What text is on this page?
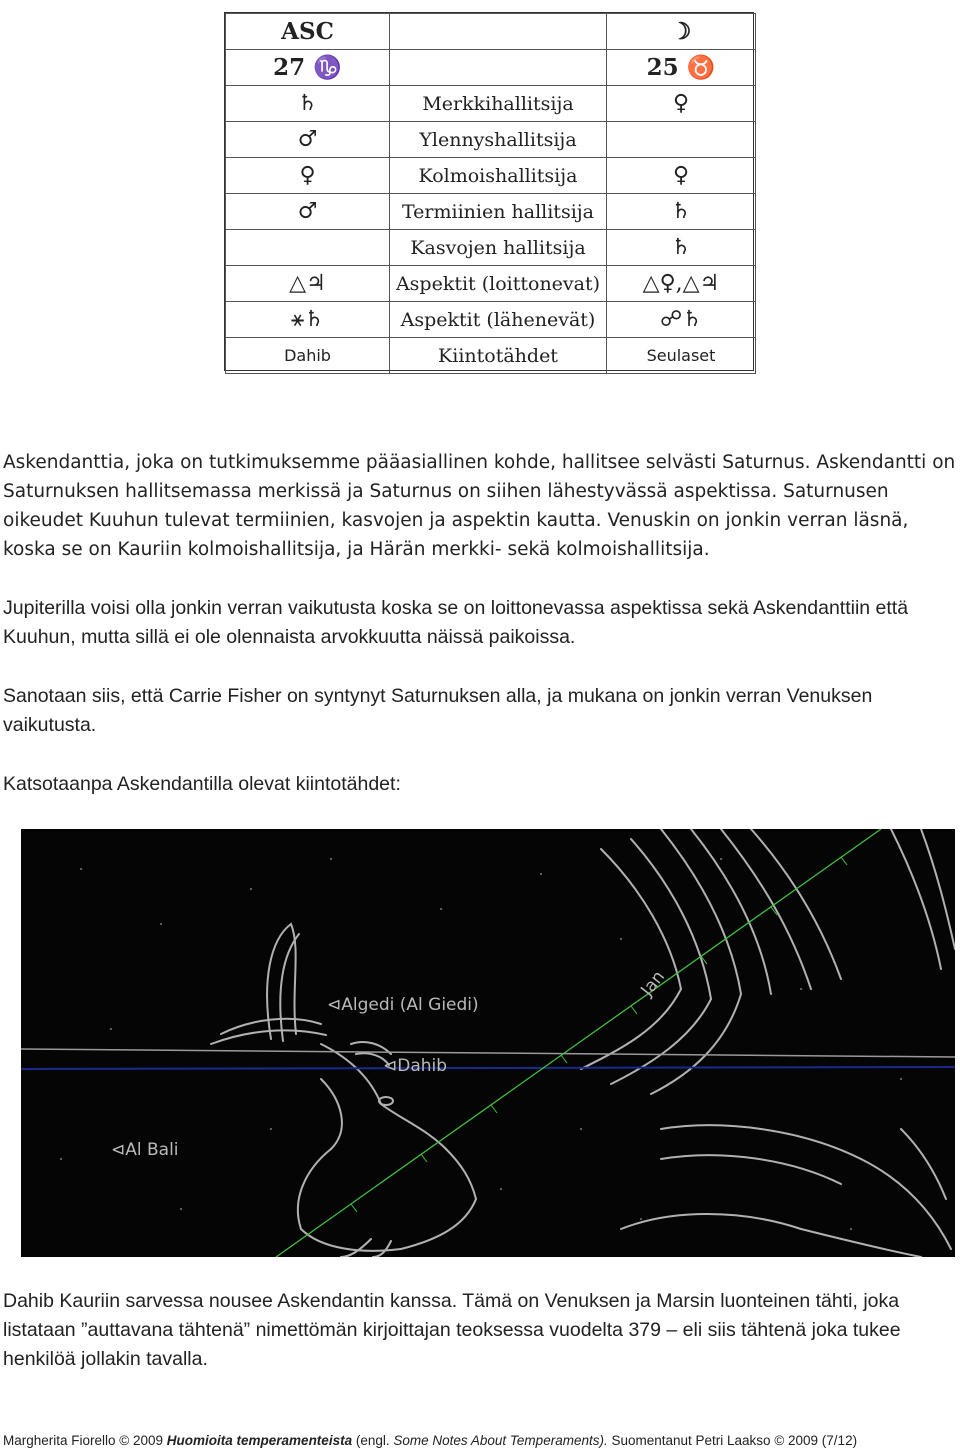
ASC		☽
27 ♑		25 ♉
♄	Merkkihallitsija	♀
♂	Ylennyshallitsija	
♀	Kolmoishallitsija	♀
♂	Termiinien hallitsija	♄
	Kasvojen hallitsija	♄
△♃	Aspektit (loittonevat)	△♀,△♃
⚹♄	Aspektit (lähenevät)	☍♄
Dahib	Kiintotähdet	Seulaset

Askendanttia, joka on tutkimuksemme pääasiallinen kohde, hallitsee selvästi Saturnus. Askendantti on Saturnuksen hallitsemassa merkissä ja Saturnus on siihen lähestyvässä aspektissa. Saturnusen oikeudet Kuuhun tulevat termiinien, kasvojen ja aspektin kautta. Venuskin on jonkin verran läsnä, koska se on Kauriin kolmoishallitsija, ja Härän merkki- sekä kolmoishallitsija.

Jupiterilla voisi olla jonkin verran vaikutusta koska se on loittonevassa aspektissa sekä Askendanttiin että Kuuhun, mutta sillä ei ole olennaista arvokkuutta näissä paikoissa.

Sanotaan siis, että Carrie Fisher on syntynyt Saturnuksen alla, ja mukana on jonkin verran Venuksen vaikutusta.

Katsotaanpa Askendantilla olevat kiintotähdet:

⊲Algedi (Al Giedi)
⊲Dahib
⊲Al Bali
Jan

Dahib Kauriin sarvessa nousee Askendantin kanssa. Tämä on Venuksen ja Marsin luonteinen tähti, joka listataan ”auttavana tähtenä” nimettömän kirjoittajan teoksessa vuodelta 379 – eli siis tähtenä joka tukee henkilöä jollakin tavalla.

Margherita Fiorello © 2009 Huomioita temperamenteista (engl. Some Notes About Temperaments). Suomentanut Petri Laakso © 2009 (7/12)
